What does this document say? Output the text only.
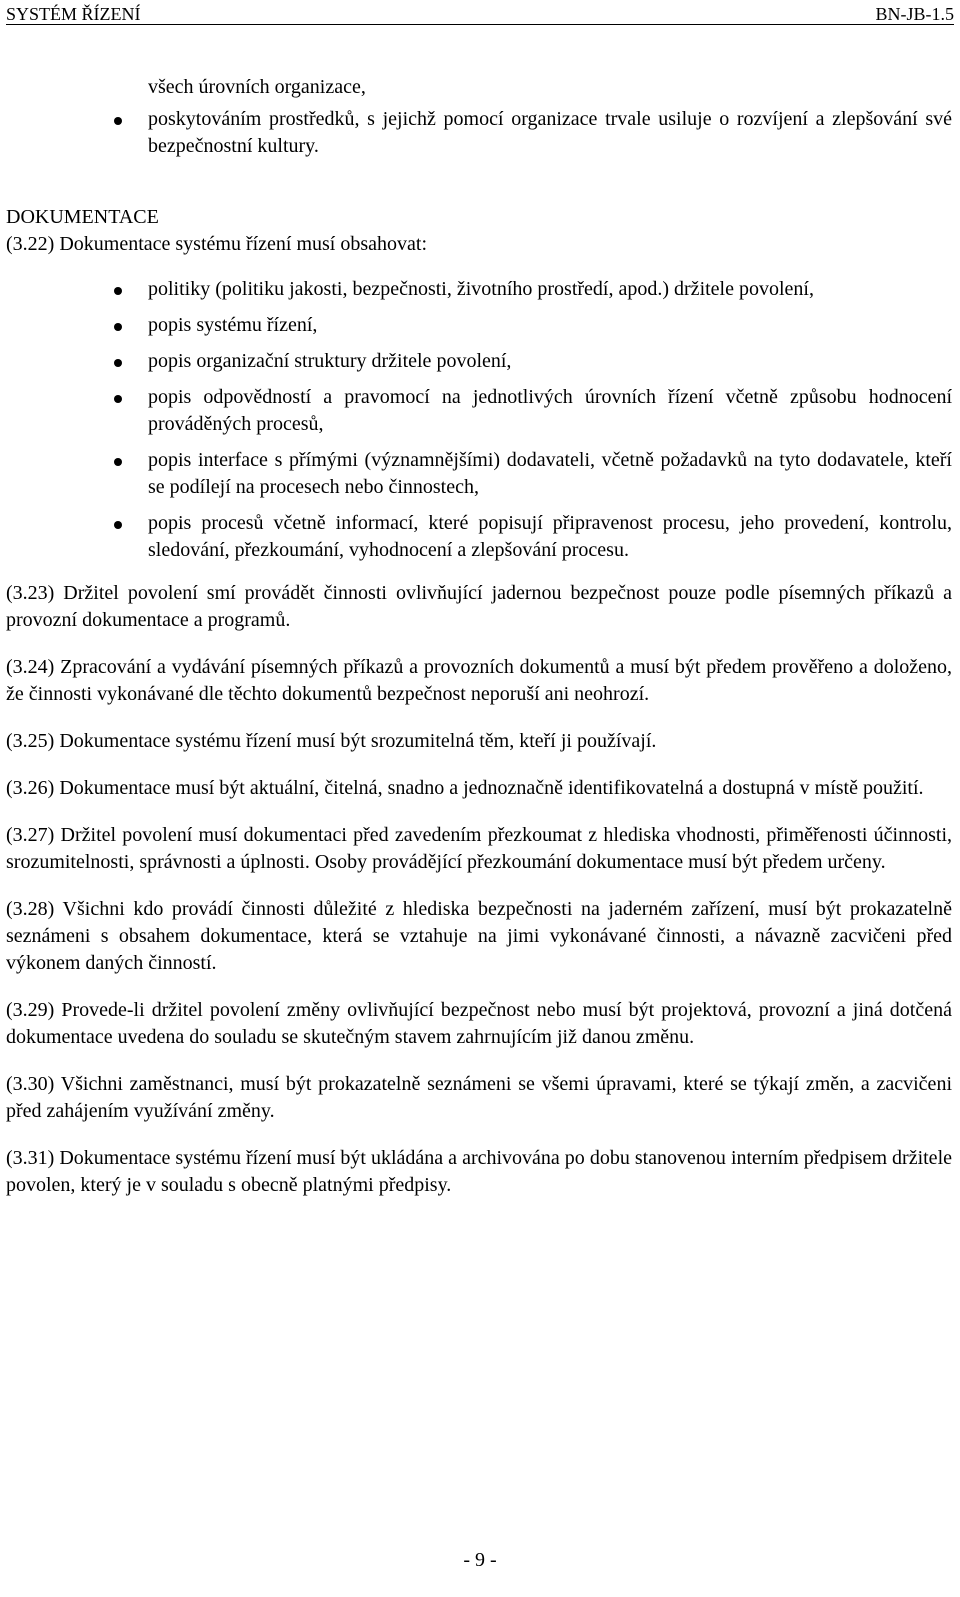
SYSTÉM ŘÍZENÍ	BN-JB-1.5
všech úrovních organizace,
poskytováním prostředků, s jejichž pomocí organizace trvale usiluje o rozvíjení a zlepšování své bezpečnostní kultury.
DOKUMENTACE

(3.22) Dokumentace systému řízení musí obsahovat:

politiky (politiku jakosti, bezpečnosti, životního prostředí, apod.) držitele povolení,
popis systému řízení,
popis organizační struktury držitele povolení,
popis odpovědností a pravomocí na jednotlivých úrovních řízení včetně způsobu hodnocení prováděných procesů,
popis interface s přímými (významnějšími) dodavateli, včetně požadavků na tyto dodavatele, kteří se podílejí na procesech nebo činnostech,
popis procesů včetně informací, které popisují připravenost procesu, jeho provedení, kontrolu, sledování, přezkoumání, vyhodnocení a zlepšování procesu.

(3.23) Držitel povolení smí provádět činnosti ovlivňující jadernou bezpečnost pouze podle písemných příkazů a provozní dokumentace a programů.

(3.24) Zpracování a vydávání písemných příkazů a provozních dokumentů a musí být předem prověřeno a doloženo, že činnosti vykonávané dle těchto dokumentů bezpečnost neporuší ani neohrozí.

(3.25) Dokumentace systému řízení musí být srozumitelná těm, kteří ji používají.

(3.26) Dokumentace musí být aktuální, čitelná, snadno a jednoznačně identifikovatelná a dostupná v místě použití.

(3.27) Držitel povolení musí dokumentaci před zavedením přezkoumat z hlediska vhodnosti, přiměřenosti účinnosti, srozumitelnosti, správnosti a úplnosti. Osoby provádějící přezkoumání dokumentace musí být předem určeny.

(3.28) Všichni kdo provádí činnosti důležité z hlediska bezpečnosti na jaderném zařízení, musí být prokazatelně seznámeni s obsahem dokumentace, která se vztahuje na jimi vykonávané činnosti, a návazně zacvičeni před výkonem daných činností.

(3.29) Provede-li držitel povolení změny ovlivňující bezpečnost nebo musí být projektová, provozní a jiná dotčená dokumentace uvedena do souladu se skutečným stavem zahrnujícím již danou změnu.

(3.30) Všichni zaměstnanci, musí být prokazatelně seznámeni se všemi úpravami, které se týkají změn, a zacvičeni před zahájením využívání změny.

(3.31) Dokumentace systému řízení musí být ukládána a archivována po dobu stanovenou interním předpisem držitele povolen, který je v souladu s obecně platnými předpisy.

- 9 -
